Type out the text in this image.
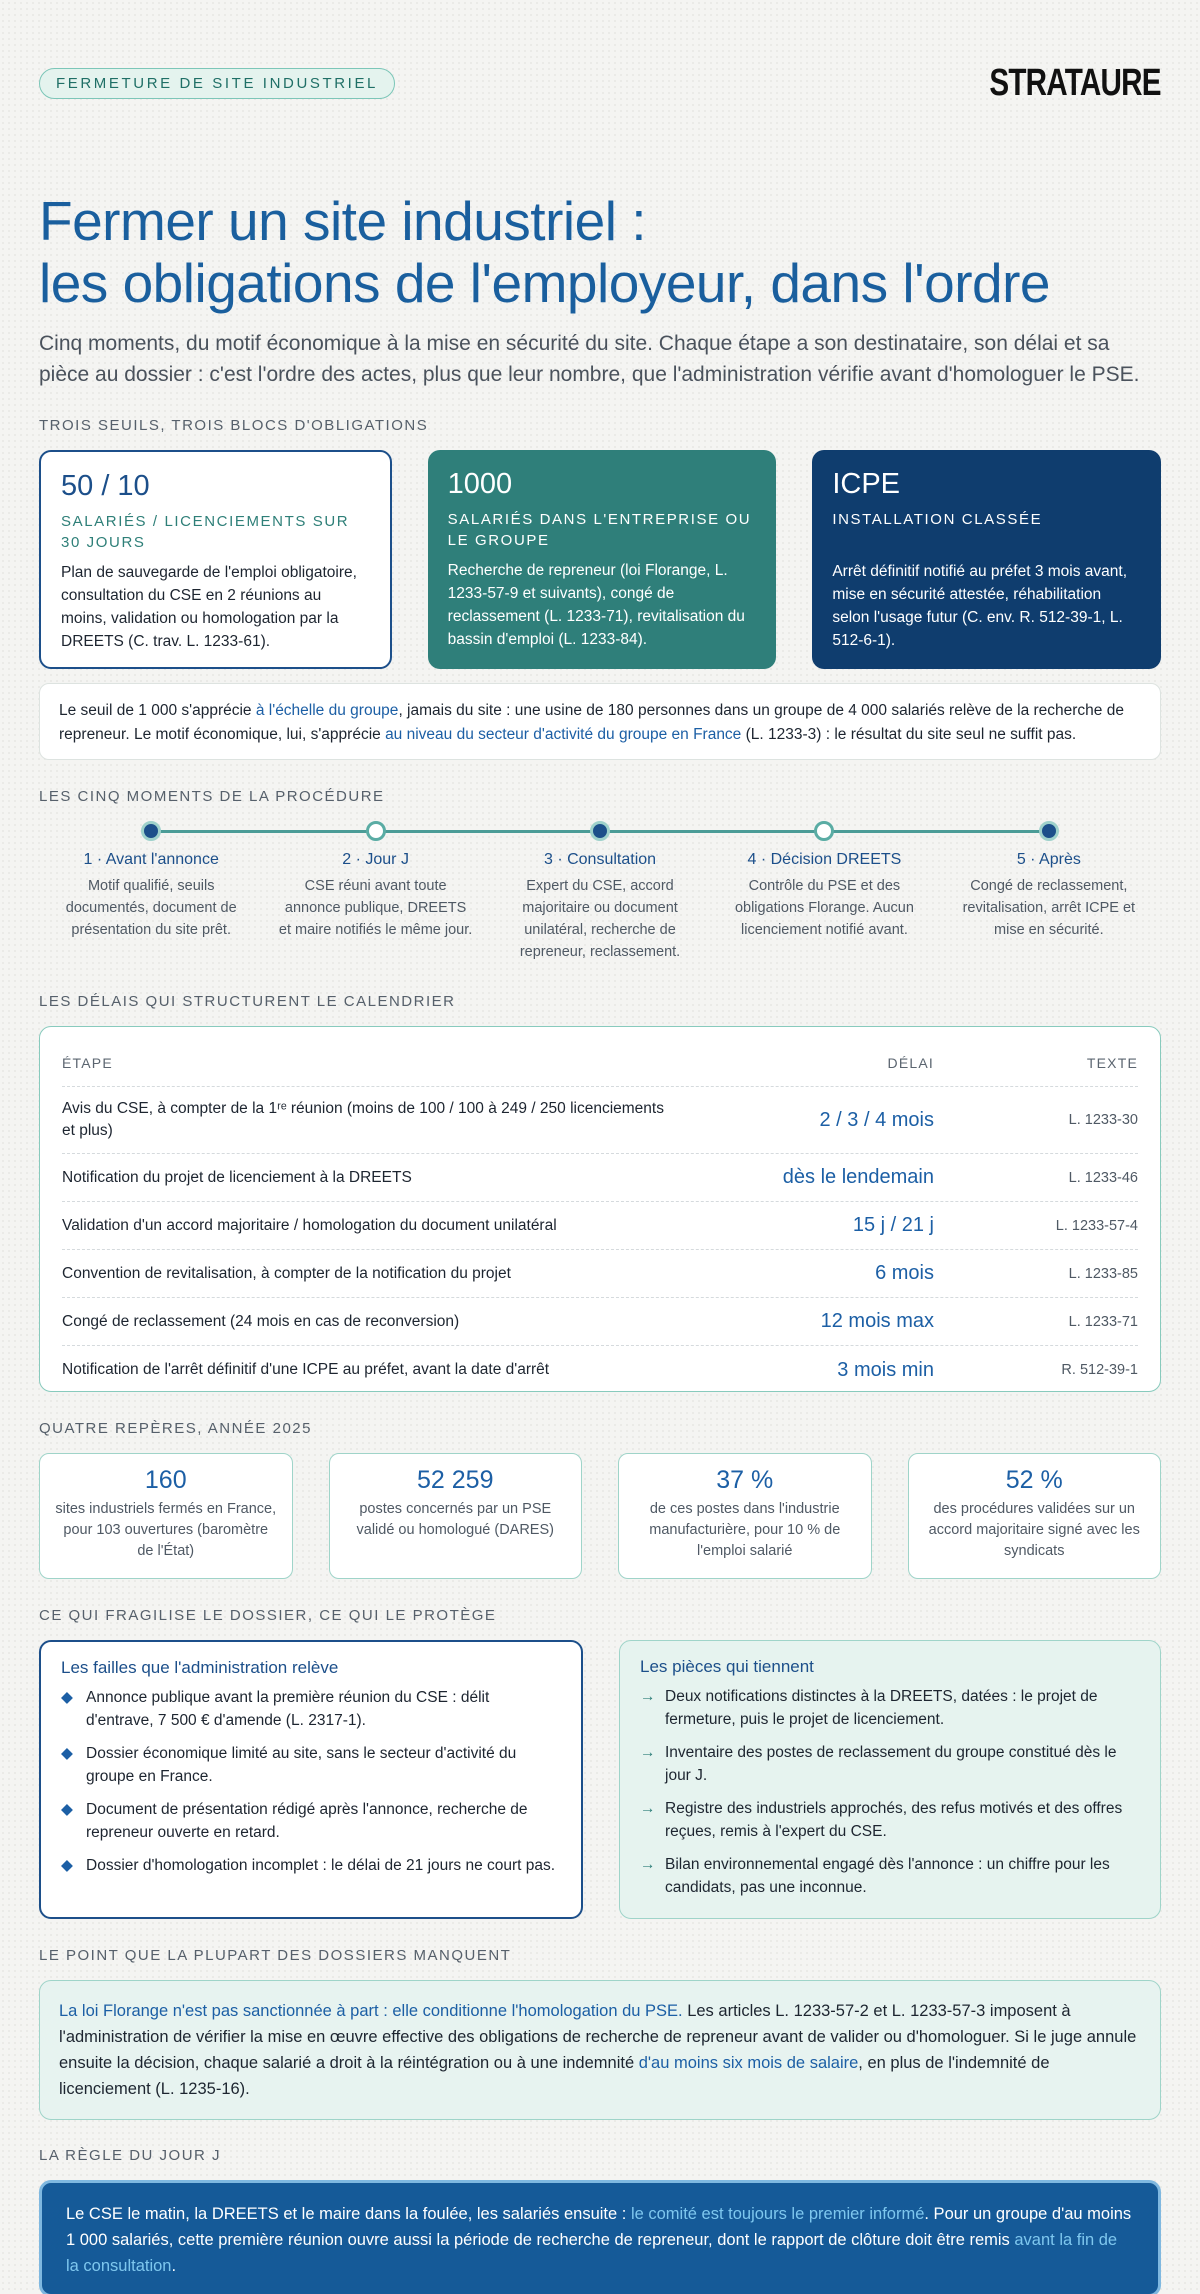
FERMETURE DE SITE INDUSTRIEL	STRATAURE
Fermer un site industriel :
les obligations de l'employeur, dans l'ordre

Cinq moments, du motif économique à la mise en sécurité du site. Chaque étape a son destinataire, son délai et sa pièce au dossier : c'est l'ordre des actes, plus que leur nombre, que l'administration vérifie avant d'homologuer le PSE.

TROIS SEUILS, TROIS BLOCS D'OBLIGATIONS
50 / 10
SALARIÉS / LICENCIEMENTS SUR 30 JOURS
Plan de sauvegarde de l'emploi obligatoire, consultation du CSE en 2 réunions au moins, validation ou homologation par la DREETS (C. trav. L. 1233-61).
1000
SALARIÉS DANS L'ENTREPRISE OU LE GROUPE
Recherche de repreneur (loi Florange, L. 1233-57-9 et suivants), congé de reclassement (L. 1233-71), revitalisation du bassin d'emploi (L. 1233-84).
ICPE
INSTALLATION CLASSÉE
Arrêt définitif notifié au préfet 3 mois avant, mise en sécurité attestée, réhabilitation selon l'usage futur (C. env. R. 512-39-1, L. 512-6-1).
Le seuil de 1 000 s'apprécie à l'échelle du groupe, jamais du site : une usine de 180 personnes dans un groupe de 4 000 salariés relève de la recherche de repreneur. Le motif économique, lui, s'apprécie au niveau du secteur d'activité du groupe en France (L. 1233-3) : le résultat du site seul ne suffit pas.
LES CINQ MOMENTS DE LA PROCÉDURE
1 · Avant l'annonce
Motif qualifié, seuils documentés, document de présentation du site prêt.
2 · Jour J
CSE réuni avant toute annonce publique, DREETS et maire notifiés le même jour.
3 · Consultation
Expert du CSE, accord majoritaire ou document unilatéral, recherche de repreneur, reclassement.
4 · Décision DREETS
Contrôle du PSE et des obligations Florange. Aucun licenciement notifié avant.
5 · Après
Congé de reclassement, revitalisation, arrêt ICPE et mise en sécurité.
LES DÉLAIS QUI STRUCTURENT LE CALENDRIER
ÉTAPE	DÉLAI	TEXTE
Avis du CSE, à compter de la 1ʳᵉ réunion (moins de 100 / 100 à 249 / 250 licenciements et plus)	2 / 3 / 4 mois	L. 1233-30
Notification du projet de licenciement à la DREETS	dès le lendemain	L. 1233-46
Validation d'un accord majoritaire / homologation du document unilatéral	15 j / 21 j	L. 1233-57-4
Convention de revitalisation, à compter de la notification du projet	6 mois	L. 1233-85
Congé de reclassement (24 mois en cas de reconversion)	12 mois max	L. 1233-71
Notification de l'arrêt définitif d'une ICPE au préfet, avant la date d'arrêt	3 mois min	R. 512-39-1
QUATRE REPÈRES, ANNÉE 2025
160
sites industriels fermés en France, pour 103 ouvertures (baromètre de l'État)
52 259
postes concernés par un PSE validé ou homologué (DARES)
37 %
de ces postes dans l'industrie manufacturière, pour 10 % de l'emploi salarié
52 %
des procédures validées sur un accord majoritaire signé avec les syndicats
CE QUI FRAGILISE LE DOSSIER, CE QUI LE PROTÈGE
Les failles que l'administration relève
◆ Annonce publique avant la première réunion du CSE : délit d'entrave, 7 500 € d'amende (L. 2317-1).
◆ Dossier économique limité au site, sans le secteur d'activité du groupe en France.
◆ Document de présentation rédigé après l'annonce, recherche de repreneur ouverte en retard.
◆ Dossier d'homologation incomplet : le délai de 21 jours ne court pas.
Les pièces qui tiennent
→ Deux notifications distinctes à la DREETS, datées : le projet de fermeture, puis le projet de licenciement.
→ Inventaire des postes de reclassement du groupe constitué dès le jour J.
→ Registre des industriels approchés, des refus motivés et des offres reçues, remis à l'expert du CSE.
→ Bilan environnemental engagé dès l'annonce : un chiffre pour les candidats, pas une inconnue.
LE POINT QUE LA PLUPART DES DOSSIERS MANQUENT
La loi Florange n'est pas sanctionnée à part : elle conditionne l'homologation du PSE. Les articles L. 1233-57-2 et L. 1233-57-3 imposent à l'administration de vérifier la mise en œuvre effective des obligations de recherche de repreneur avant de valider ou d'homologuer. Si le juge annule ensuite la décision, chaque salarié a droit à la réintégration ou à une indemnité d'au moins six mois de salaire, en plus de l'indemnité de licenciement (L. 1235-16).
LA RÈGLE DU JOUR J
Le CSE le matin, la DREETS et le maire dans la foulée, les salariés ensuite : le comité est toujours le premier informé. Pour un groupe d'au moins 1 000 salariés, cette première réunion ouvre aussi la période de recherche de repreneur, dont le rapport de clôture doit être remis avant la fin de la consultation.
